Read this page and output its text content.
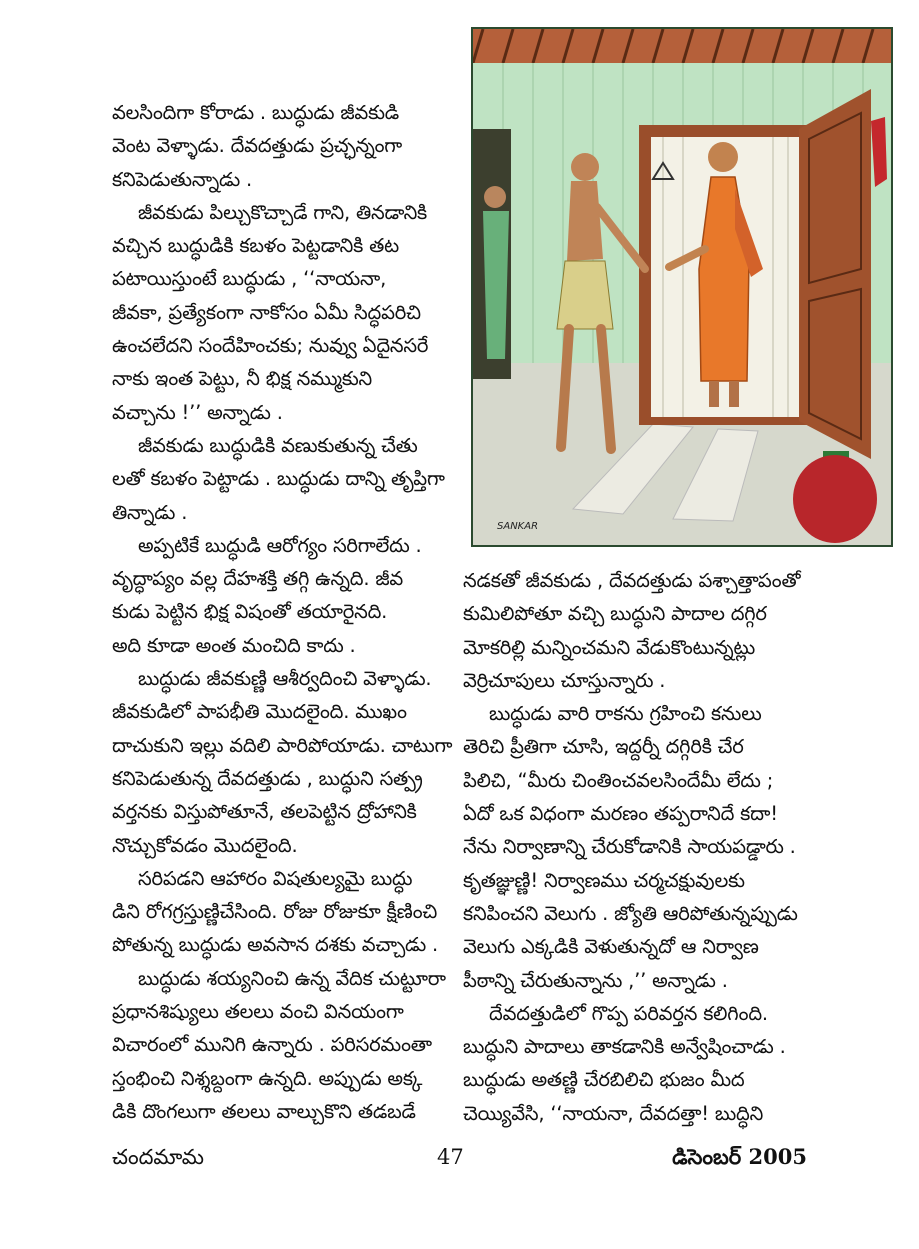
వలసిందిగా కోరాడు . బుద్ధుడు జీవకుడి

వెంట వెళ్ళాడు. దేవదత్తుడు ప్రచ్ఛన్నంగా

కనిపెడుతున్నాడు .

జీవకుడు పిల్చుకొచ్చాడే గాని, తినడానికి

వచ్చిన బుద్ధుడికి కబళం పెట్టడానికి తట

పటాయిస్తుంటే బుద్ధుడు , ‘‘నాయనా,

జీవకా, ప్రత్యేకంగా నాకోసం ఏమీ సిద్ధపరిచి

ఉంచలేదని సందేహించకు; నువ్వు ఏదైనసరే

నాకు ఇంత పెట్టు, నీ భిక్ష నమ్ముకుని

వచ్చాను !’’ అన్నాడు .

జీవకుడు బుద్ధుడికి వణుకుతున్న చేతు

లతో కబళం పెట్టాడు . బుద్ధుడు దాన్ని తృప్తిగా

తిన్నాడు .

అప్పటికే బుద్ధుడి ఆరోగ్యం సరిగాలేదు .

వృద్ధాప్యం వల్ల దేహశక్తి తగ్గి ఉన్నది. జీవ

కుడు పెట్టిన భిక్ష విషంతో తయారైనది.

అది కూడా అంత మంచిది కాదు .

బుద్ధుడు జీవకుణ్ణి ఆశీర్వదించి వెళ్ళాడు.

జీవకుడిలో పాపభీతి మొదలైంది. ముఖం

దాచుకుని ఇల్లు వదిలి పారిపోయాడు. చాటుగా

కనిపెడుతున్న దేవదత్తుడు , బుద్ధుని సత్ప్ర

వర్తనకు విస్తుపోతూనే, తలపెట్టిన ద్రోహానికి

నొచ్చుకోవడం మొదలైంది.

సరిపడని ఆహారం విషతుల్యమై బుద్ధు

డిని రోగగ్రస్తుణ్ణిచేసింది. రోజు రోజుకూ క్షీణించి

పోతున్న బుద్ధుడు అవసాన దశకు వచ్చాడు .

బుద్ధుడు శయ్యనించి ఉన్న వేదిక చుట్టూరా

ప్రధానశిష్యులు తలలు వంచి వినయంగా

విచారంలో మునిగి ఉన్నారు . పరిసరమంతా

స్తంభించి నిశ్శబ్దంగా ఉన్నది. అప్పుడు అక్క

డికి దొంగలుగా తలలు వాల్చుకొని తడబడే

నడకతో జీవకుడు , దేవదత్తుడు పశ్చాత్తాపంతో

కుమిలిపోతూ వచ్చి బుద్ధుని పాదాల దగ్గిర

మోకరిల్లి మన్నించమని వేడుకొంటున్నట్లు

వెర్రిచూపులు చూస్తున్నారు .

బుద్ధుడు వారి రాకను గ్రహించి కనులు

తెరిచి ప్రీతిగా చూసి, ఇద్దర్నీ దగ్గిరికి చేర

పిలిచి, “మీరు చింతించవలసిందేమీ లేదు ;

ఏదో ఒక విధంగా మరణం తప్పరానిదే కదా!

నేను నిర్వాణాన్ని చేరుకోడానికి సాయపడ్డారు .

కృతజ్ఞుణ్ణి! నిర్వాణము చర్మచక్షువులకు

కనిపించని వెలుగు . జ్యోతి ఆరిపోతున్నప్పుడు

వెలుగు ఎక్కడికి వెళుతున్నదో ఆ నిర్వాణ

పీఠాన్ని చేరుతున్నాను ,’’ అన్నాడు .

దేవదత్తుడిలో గొప్ప పరివర్తన కలిగింది.

బుద్ధుని పాదాలు తాకడానికి అన్వేషించాడు .

బుద్ధుడు అతణ్ణి చేరబిలిచి భుజం మీద

చెయ్యివేసి, ‘‘నాయనా, దేవదత్తా! బుద్ధిని

SANKAR
చందమామ	47	డిసెంబర్ 2005
